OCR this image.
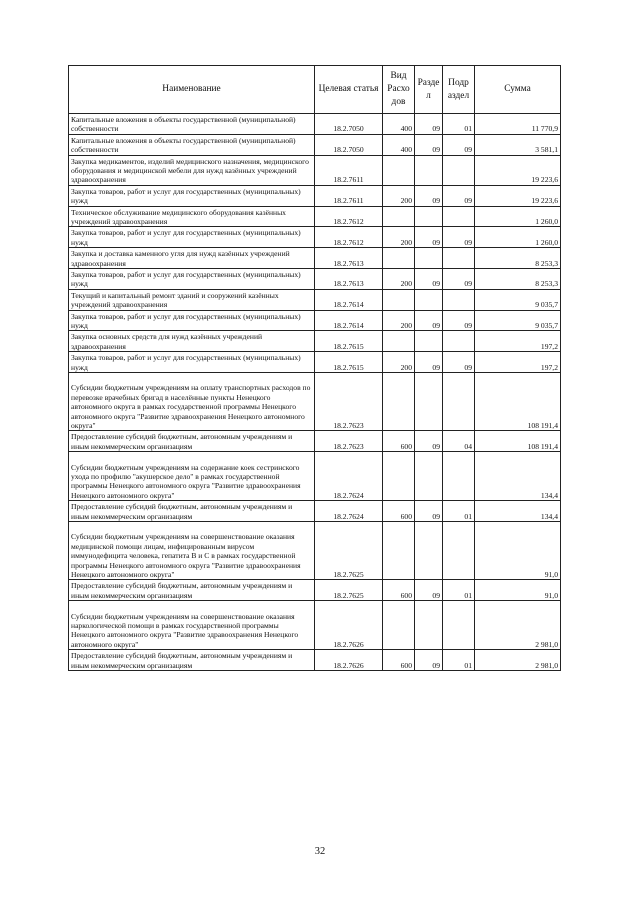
Наименование	Целевая статья	Вид Расхо дов	Разде л	Подр аздел	Сумма
Капитальные вложения в объекты государственной (муниципальной) собственности	18.2.7050	400	09	01	11 770,9
Капитальные вложения в объекты государственной (муниципальной) собственности	18.2.7050	400	09	09	3 581,1
Закупка медикаментов, изделий медицинского назначения, медицинского оборудования и медицинской мебели для нужд казённых учреждений здравоохранения	18.2.7611				19 223,6
Закупка товаров, работ и услуг для государственных (муниципальных) нужд	18.2.7611	200	09	09	19 223,6
Техническое обслуживание медицинского оборудования казённых учреждений здравоохранения	18.2.7612				1 260,0
Закупка товаров, работ и услуг для государственных (муниципальных) нужд	18.2.7612	200	09	09	1 260,0
Закупка и доставка каменного угля для нужд казённых учреждений здравоохранения	18.2.7613				8 253,3
Закупка товаров, работ и услуг для государственных (муниципальных) нужд	18.2.7613	200	09	09	8 253,3
Текущий и капитальный ремонт зданий и сооружений казённых учреждений здравоохранения	18.2.7614				9 035,7
Закупка товаров, работ и услуг для государственных (муниципальных) нужд	18.2.7614	200	09	09	9 035,7
Закупка основных средств для нужд казённых учреждений здравоохранения	18.2.7615				197,2
Закупка товаров, работ и услуг для государственных (муниципальных) нужд	18.2.7615	200	09	09	197,2
Субсидии бюджетным учреждениям на оплату транспортных расходов по перевозке врачебных бригад в населённые пункты Ненецкого автономного округа в рамках государственной программы Ненецкого автономного округа "Развитие здравоохранения Ненецкого автономного округа"	18.2.7623				108 191,4
Предоставление субсидий бюджетным, автономным учреждениям и иным некоммерческим организациям	18.2.7623	600	09	04	108 191,4
Субсидии бюджетным учреждениям на содержание коек сестринского ухода по профилю "акушерское дело" в рамках государственной программы Ненецкого автономного округа "Развитие здравоохранения Ненецкого автономного округа"	18.2.7624				134,4
Предоставление субсидий бюджетным, автономным учреждениям и иным некоммерческим организациям	18.2.7624	600	09	01	134,4
Субсидии бюджетным учреждениям на совершенствование оказания медицинской помощи лицам, инфицированным вирусом иммунодефицита человека, гепатита В и С в рамках государственной программы Ненецкого автономного округа "Развитие здравоохранения Ненецкого автономного округа"	18.2.7625				91,0
Предоставление субсидий бюджетным, автономным учреждениям и иным некоммерческим организациям	18.2.7625	600	09	01	91,0
Субсидии бюджетным учреждениям на совершенствование оказания наркологической помощи в рамках государственной программы Ненецкого автономного округа "Развитие здравоохранения Ненецкого автономного округа"	18.2.7626				2 981,0
Предоставление субсидий бюджетным, автономным учреждениям и иным некоммерческим организациям	18.2.7626	600	09	01	2 981,0
32
